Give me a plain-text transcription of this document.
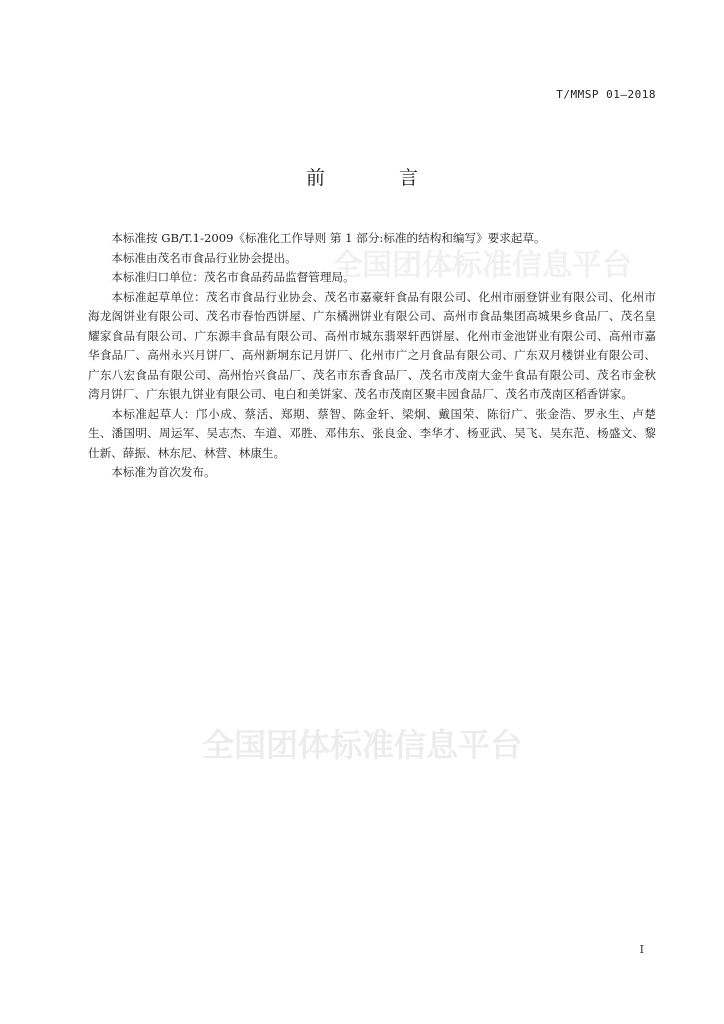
全国团体标准信息平台
全国团体标准信息平台
T/MMSP 01—2018
前 言

本标准按 GB/T.1-2009《标准化工作导则 第 1 部分:标准的结构和编写》要求起草。

本标准由茂名市食品行业协会提出。

本标准归口单位：茂名市食品药品监督管理局。

本标准起草单位：茂名市食品行业协会、茂名市嘉豪轩食品有限公司、化州市丽登饼业有限公司、化州市海龙阁饼业有限公司、茂名市春怡西饼屋、广东橘洲饼业有限公司、高州市食品集团高城果乡食品厂、茂名皇耀家食品有限公司、广东源丰食品有限公司、高州市城东翡翠轩西饼屋、化州市金池饼业有限公司、高州市嘉华食品厂、高州永兴月饼厂、高州新垌东记月饼厂、化州市广之月食品有限公司、广东双月楼饼业有限公司、广东八宏食品有限公司、高州怡兴食品厂、茂名市东香食品厂、茂名市茂南大金牛食品有限公司、茂名市金秋湾月饼厂、广东银九饼业有限公司、电白和美饼家、茂名市茂南区聚丰园食品厂、茂名市茂南区稻香饼家。

本标准起草人：邝小成、蔡活、郑期、蔡智、陈金轩、梁炯、戴国荣、陈衍广、张金浩、罗永生、卢楚生、潘国明、周运军、吴志杰、车道、邓胜、邓伟东、张良金、李华才、杨亚武、吴飞、吴东范、杨盛文、黎仕新、薛振、林东尼、林营、林康生。

本标准为首次发布。

I
